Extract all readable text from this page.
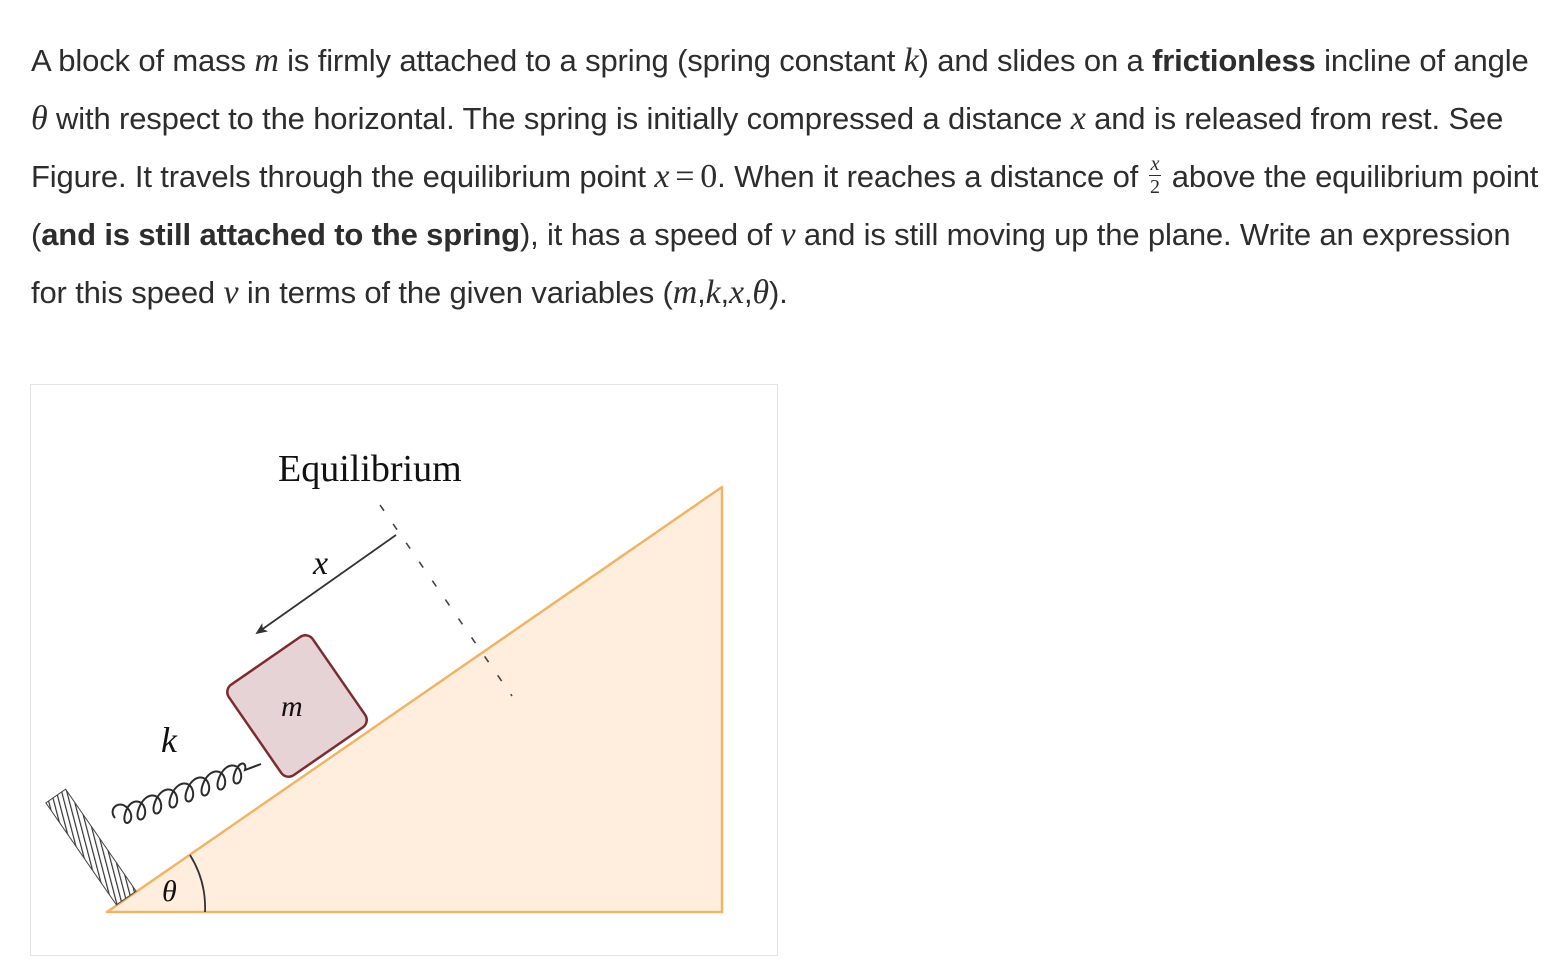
A block of mass m is firmly attached to a spring (spring constant k) and slides on a frictionless incline of angle θ with respect to the horizontal. The spring is initially compressed a distance x and is released from rest. See Figure. It travels through the equilibrium point x = 0. When it reaches a distance of $\frac{x}{2}$ above the equilibrium point (and is still attached to the spring), it has a speed of v and is still moving up the plane. Write an expression for this speed v in terms of the given variables (m,k,x,θ).

Equilibrium
x
m
k
θ
